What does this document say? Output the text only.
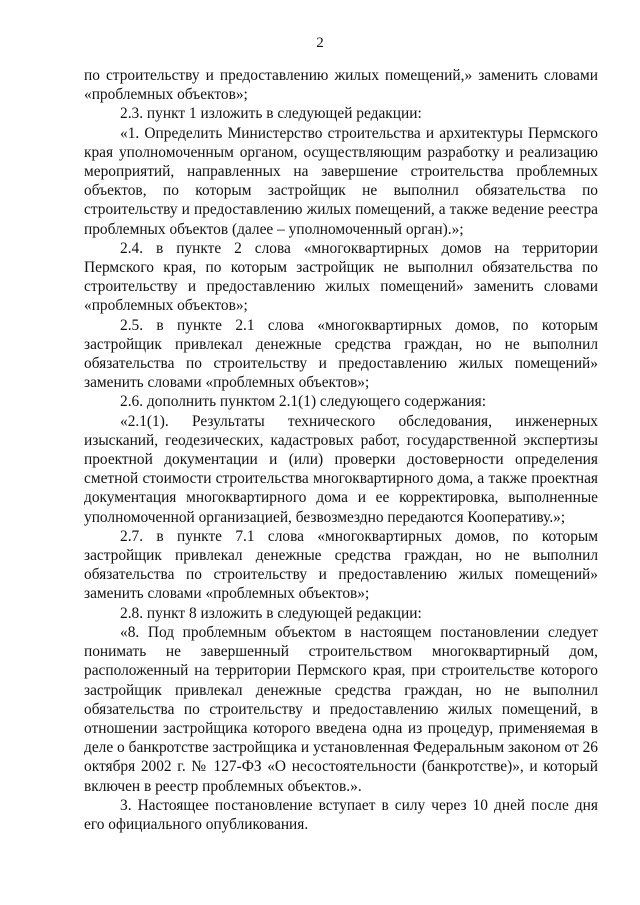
2

по строительству и предоставлению жилых помещений,» заменить словами «проблемных объектов»;

2.3. пункт 1 изложить в следующей редакции:

«1. Определить Министерство строительства и архитектуры Пермского края уполномоченным органом, осуществляющим разработку и реализацию мероприятий, направленных на завершение строительства проблемных объектов, по которым застройщик не выполнил обязательства по строительству и предоставлению жилых помещений, а также ведение реестра проблемных объектов (далее – уполномоченный орган).»;

2.4. в пункте 2 слова «многоквартирных домов на территории Пермского края, по которым застройщик не выполнил обязательства по строительству и предоставлению жилых помещений» заменить словами «проблемных объектов»;

2.5. в пункте 2.1 слова «многоквартирных домов, по которым застройщик привлекал денежные средства граждан, но не выполнил обязательства по строительству и предоставлению жилых помещений» заменить словами «проблемных объектов»;

2.6. дополнить пунктом 2.1(1) следующего содержания:

«2.1(1). Результаты технического обследования, инженерных изысканий, геодезических, кадастровых работ, государственной экспертизы проектной документации и (или) проверки достоверности определения сметной стоимости строительства многоквартирного дома, а также проектная документация многоквартирного дома и ее корректировка, выполненные уполномоченной организацией, безвозмездно передаются Кооперативу.»;

2.7. в пункте 7.1 слова «многоквартирных домов, по которым застройщик привлекал денежные средства граждан, но не выполнил обязательства по строительству и предоставлению жилых помещений» заменить словами «проблемных объектов»;

2.8. пункт 8 изложить в следующей редакции:

«8. Под проблемным объектом в настоящем постановлении следует понимать не завершенный строительством многоквартирный дом, расположенный на территории Пермского края, при строительстве которого застройщик привлекал денежные средства граждан, но не выполнил обязательства по строительству и предоставлению жилых помещений, в отношении застройщика которого введена одна из процедур, применяемая в деле о банкротстве застройщика и установленная Федеральным законом от 26 октября 2002 г. № 127-ФЗ «О несостоятельности (банкротстве)», и который включен в реестр проблемных объектов.».

3. Настоящее постановление вступает в силу через 10 дней после дня его официального опубликования.
